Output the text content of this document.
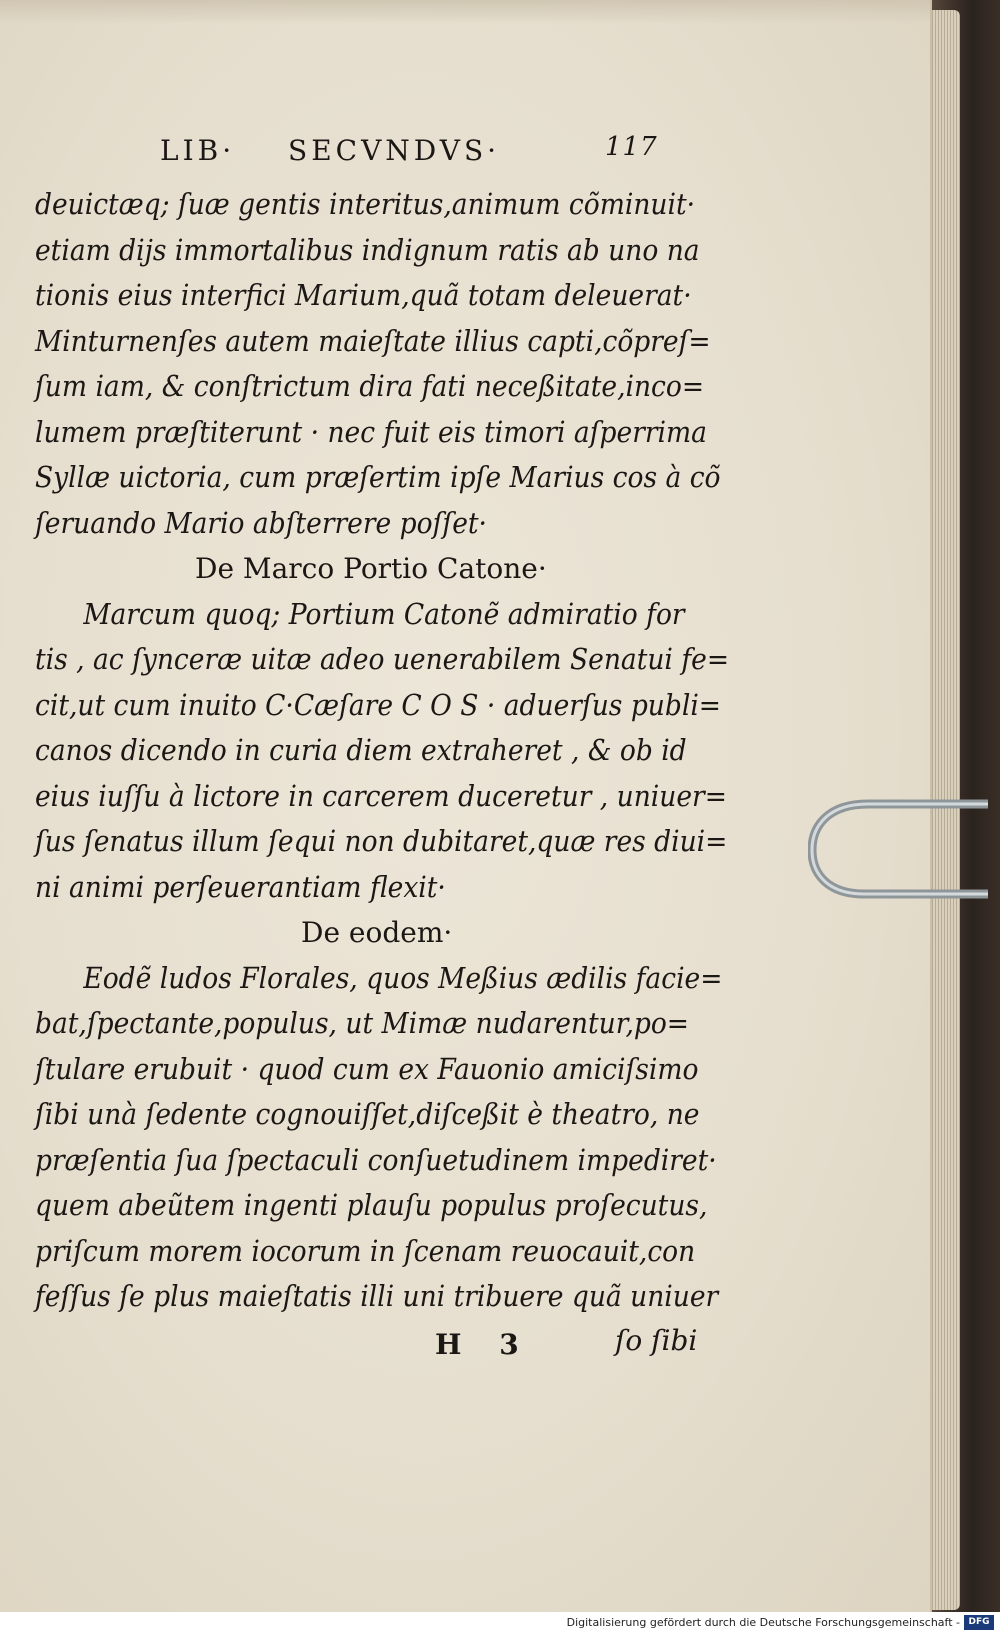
LIB· SECVNDVS·	117
deuictæq; ſuæ gentis interitus,animum cõminuit·
etiam dijs immortalibus indignum ratis ab uno na
tionis eius interfici Marium,quã totam deleuerat·
Minturnenſes autem maieſtate illius capti,cõpreſ=
ſum iam, & conſtrictum dira fati neceßitate,inco=
lumem præſtiterunt · nec fuit eis timori aſperrima
Syllæ uictoria, cum præſertim ipſe Marius cos à cõ
ſeruando Mario abſterrere poſſet·
De Marco Portio Catone·
Marcum quoq; Portium Catonẽ admiratio for
tis , ac ſynceræ uitæ adeo uenerabilem Senatui fe=
cit,ut cum inuito C·Cæſare C O S · aduerſus publi=
canos dicendo in curia diem extraheret , & ob id
eius iuſſu à lictore in carcerem duceretur , uniuer=
ſus ſenatus illum ſequi non dubitaret,quæ res diui=
ni animi perſeuerantiam flexit·
De eodem·
Eodẽ ludos Florales, quos Meßius ædilis facie=
bat,ſpectante,populus, ut Mimæ nudarentur,po=
ſtulare erubuit · quod cum ex Fauonio amiciſsimo
ſibi unà ſedente cognouiſſet,diſceßit è theatro, ne
præſentia ſua ſpectaculi conſuetudinem impediret·
quem abeũtem ingenti plauſu populus proſecutus,
priſcum morem iocorum in ſcenam reuocauit,con
feſſus ſe plus maieſtatis illi uni tribuere quã uniuer
H 3	ſo ſibi
Digitalisierung gefördert durch die Deutsche Forschungsgemeinschaft - DFG
